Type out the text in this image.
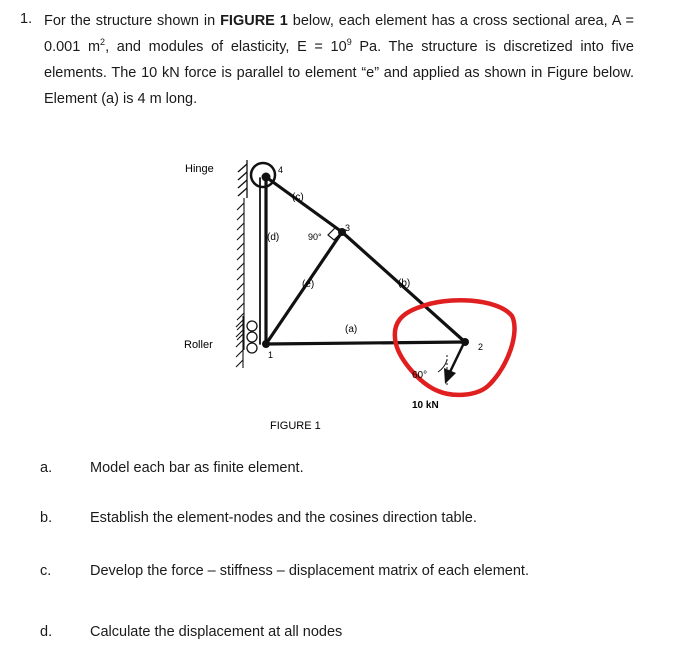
1. For the structure shown in FIGURE 1 below, each element has a cross sectional area, A = 0.001 $m^2$, and modules of elasticity, $E = 10^9$ Pa. The structure is discretized into five elements. The 10 kN force is parallel to element “e” and applied as shown in Figure below. Element (a) is 4 m long.
Hinge
Roller
4
3
2
1
(a)
(b)
(c)
(d)
(e)
90°
60°
10 kN
FIGURE 1
a.	Model each bar as finite element.
b.	Establish the element-nodes and the cosines direction table.
c.	Develop the force – stiffness – displacement matrix of each element.
d.	Calculate the displacement at all nodes
